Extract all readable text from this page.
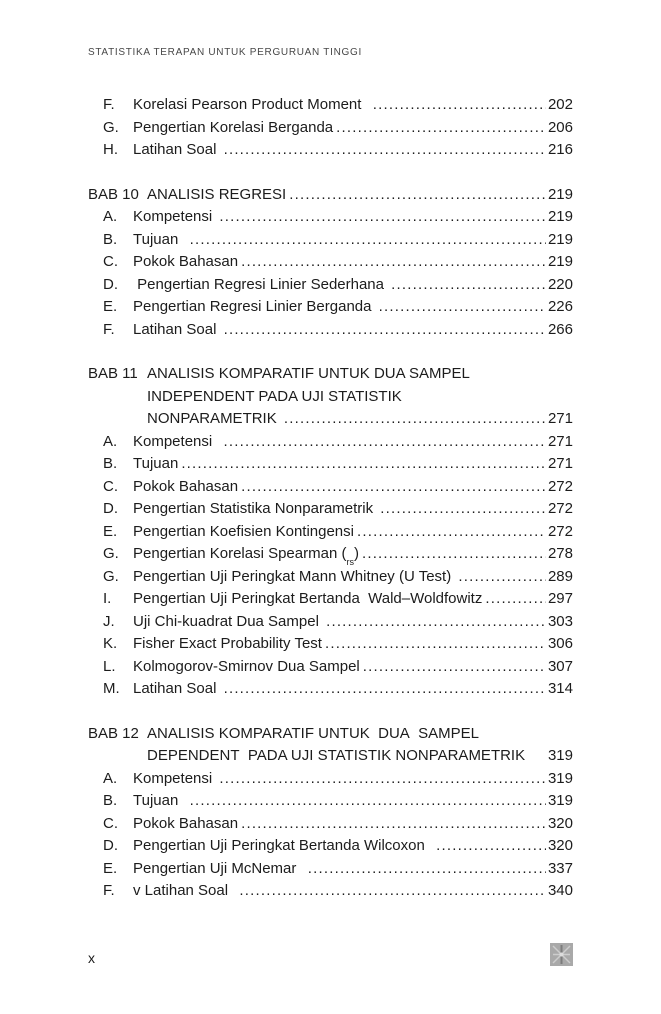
STATISTIKA TERAPAN UNTUK PERGURUAN TINGGI
F.	Korelasi Pearson Product Moment .....	202
G. Pengertian Korelasi Berganda .....	206
H.	Latihan Soal .....	216
BAB 10 ANALISIS REGRESI .....	219
A.	Kompetensi .....	219
B.	Tujuan .....	219
C.	Pokok Bahasan .....	219
D.	Pengertian Regresi Linier Sederhana .....	220
E.	Pengertian Regresi Linier Berganda .....	226
F.	Latihan Soal .....	266
BAB 11 ANALISIS KOMPARATIF UNTUK DUA SAMPEL
INDEPENDENT PADA UJI STATISTIK
NONPARAMETRIK .....	271
A.	Kompetensi .....	271
B.	Tujuan .....	271
C.	Pokok Bahasan .....	272
D.	Pengertian Statistika Nonparametrik .....	272
E.	Pengertian Koefisien Kontingensi .....	272
G. Pengertian Korelasi Spearman $(_{rs})$ .....	278
G. Pengertian Uji Peringkat Mann Whitney (U Test) .....	289
I.	Pengertian Uji Peringkat Bertanda  Wald–Woldfowitz .....	297
J.	Uji Chi-kuadrat Dua Sampel .....	303
K.	Fisher Exact Probability Test .....	306
L.	Kolmogorov-Smirnov Dua Sampel .....	307
M. Latihan Soal .....	314
BAB 12 ANALISIS KOMPARATIF UNTUK  DUA  SAMPEL
DEPENDENT  PADA UJI STATISTIK NONPARAMETRIK 319
A.	Kompetensi .....	319
B.	Tujuan .....	319
C.	Pokok Bahasan .....	320
D.	Pengertian Uji Peringkat Bertanda Wilcoxon .....	320
E.	Pengertian Uji McNemar .....	337
F.	v Latihan Soal .....	340
x
